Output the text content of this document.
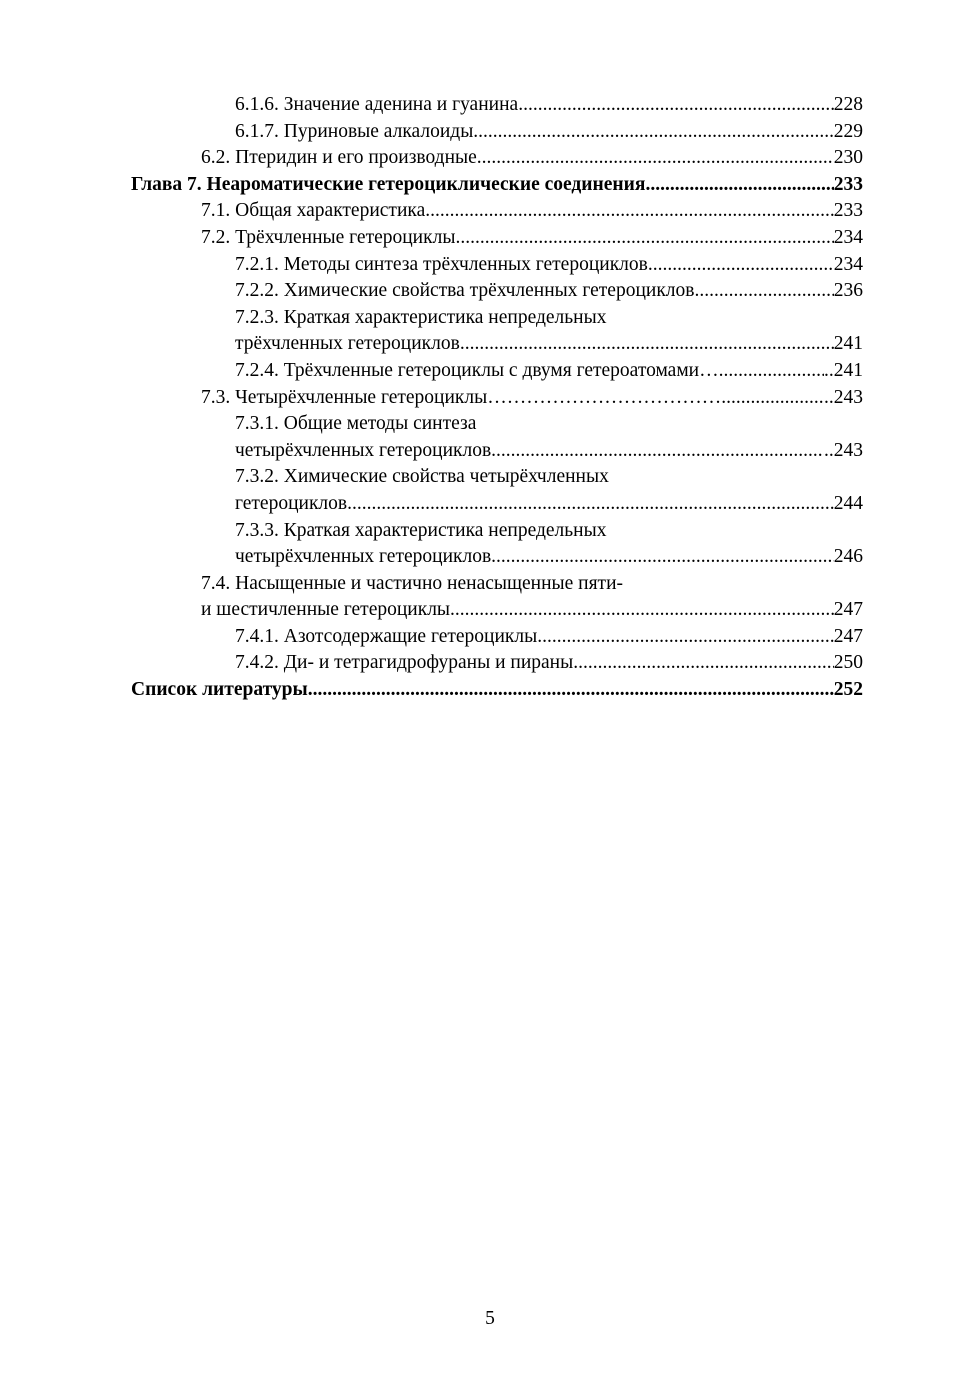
6.1.6. Значение аденина и гуанина .....	228
6.1.7. Пуриновые алкалоиды .....	229
6.2. Птеридин и его производные .....	230
Глава 7. Неароматические гетероциклические соединения .....	233
7.1. Общая характеристика .....	233
7.2. Трёхчленные гетероциклы .....	234
7.2.1. Методы синтеза трёхчленных гетероциклов .....	234
7.2.2. Химические свойства трёхчленных гетероциклов .....	236
7.2.3. Краткая характеристика непредельных
трёхчленных гетероциклов .....	241
7.2.4. Трёхчленные гетероциклы с двумя гетероатомами… .....	..241
7.3. Четырёхчленные гетероциклы……………………………… .....	..243
7.3.1. Общие методы синтеза
четырёхчленных гетероциклов .....	..243
7.3.2. Химические свойства четырёхчленных
гетероциклов .....	244
7.3.3. Краткая характеристика непредельных
четырёхчленных гетероциклов .....	246
7.4. Насыщенные и частично ненасыщенные пяти-
и шестичленные гетероциклы .....	247
7.4.1. Азотсодержащие гетероциклы .....	247
7.4.2. Ди- и тетрагидрофураны и пираны .....	250
Список литературы .....	252
5
